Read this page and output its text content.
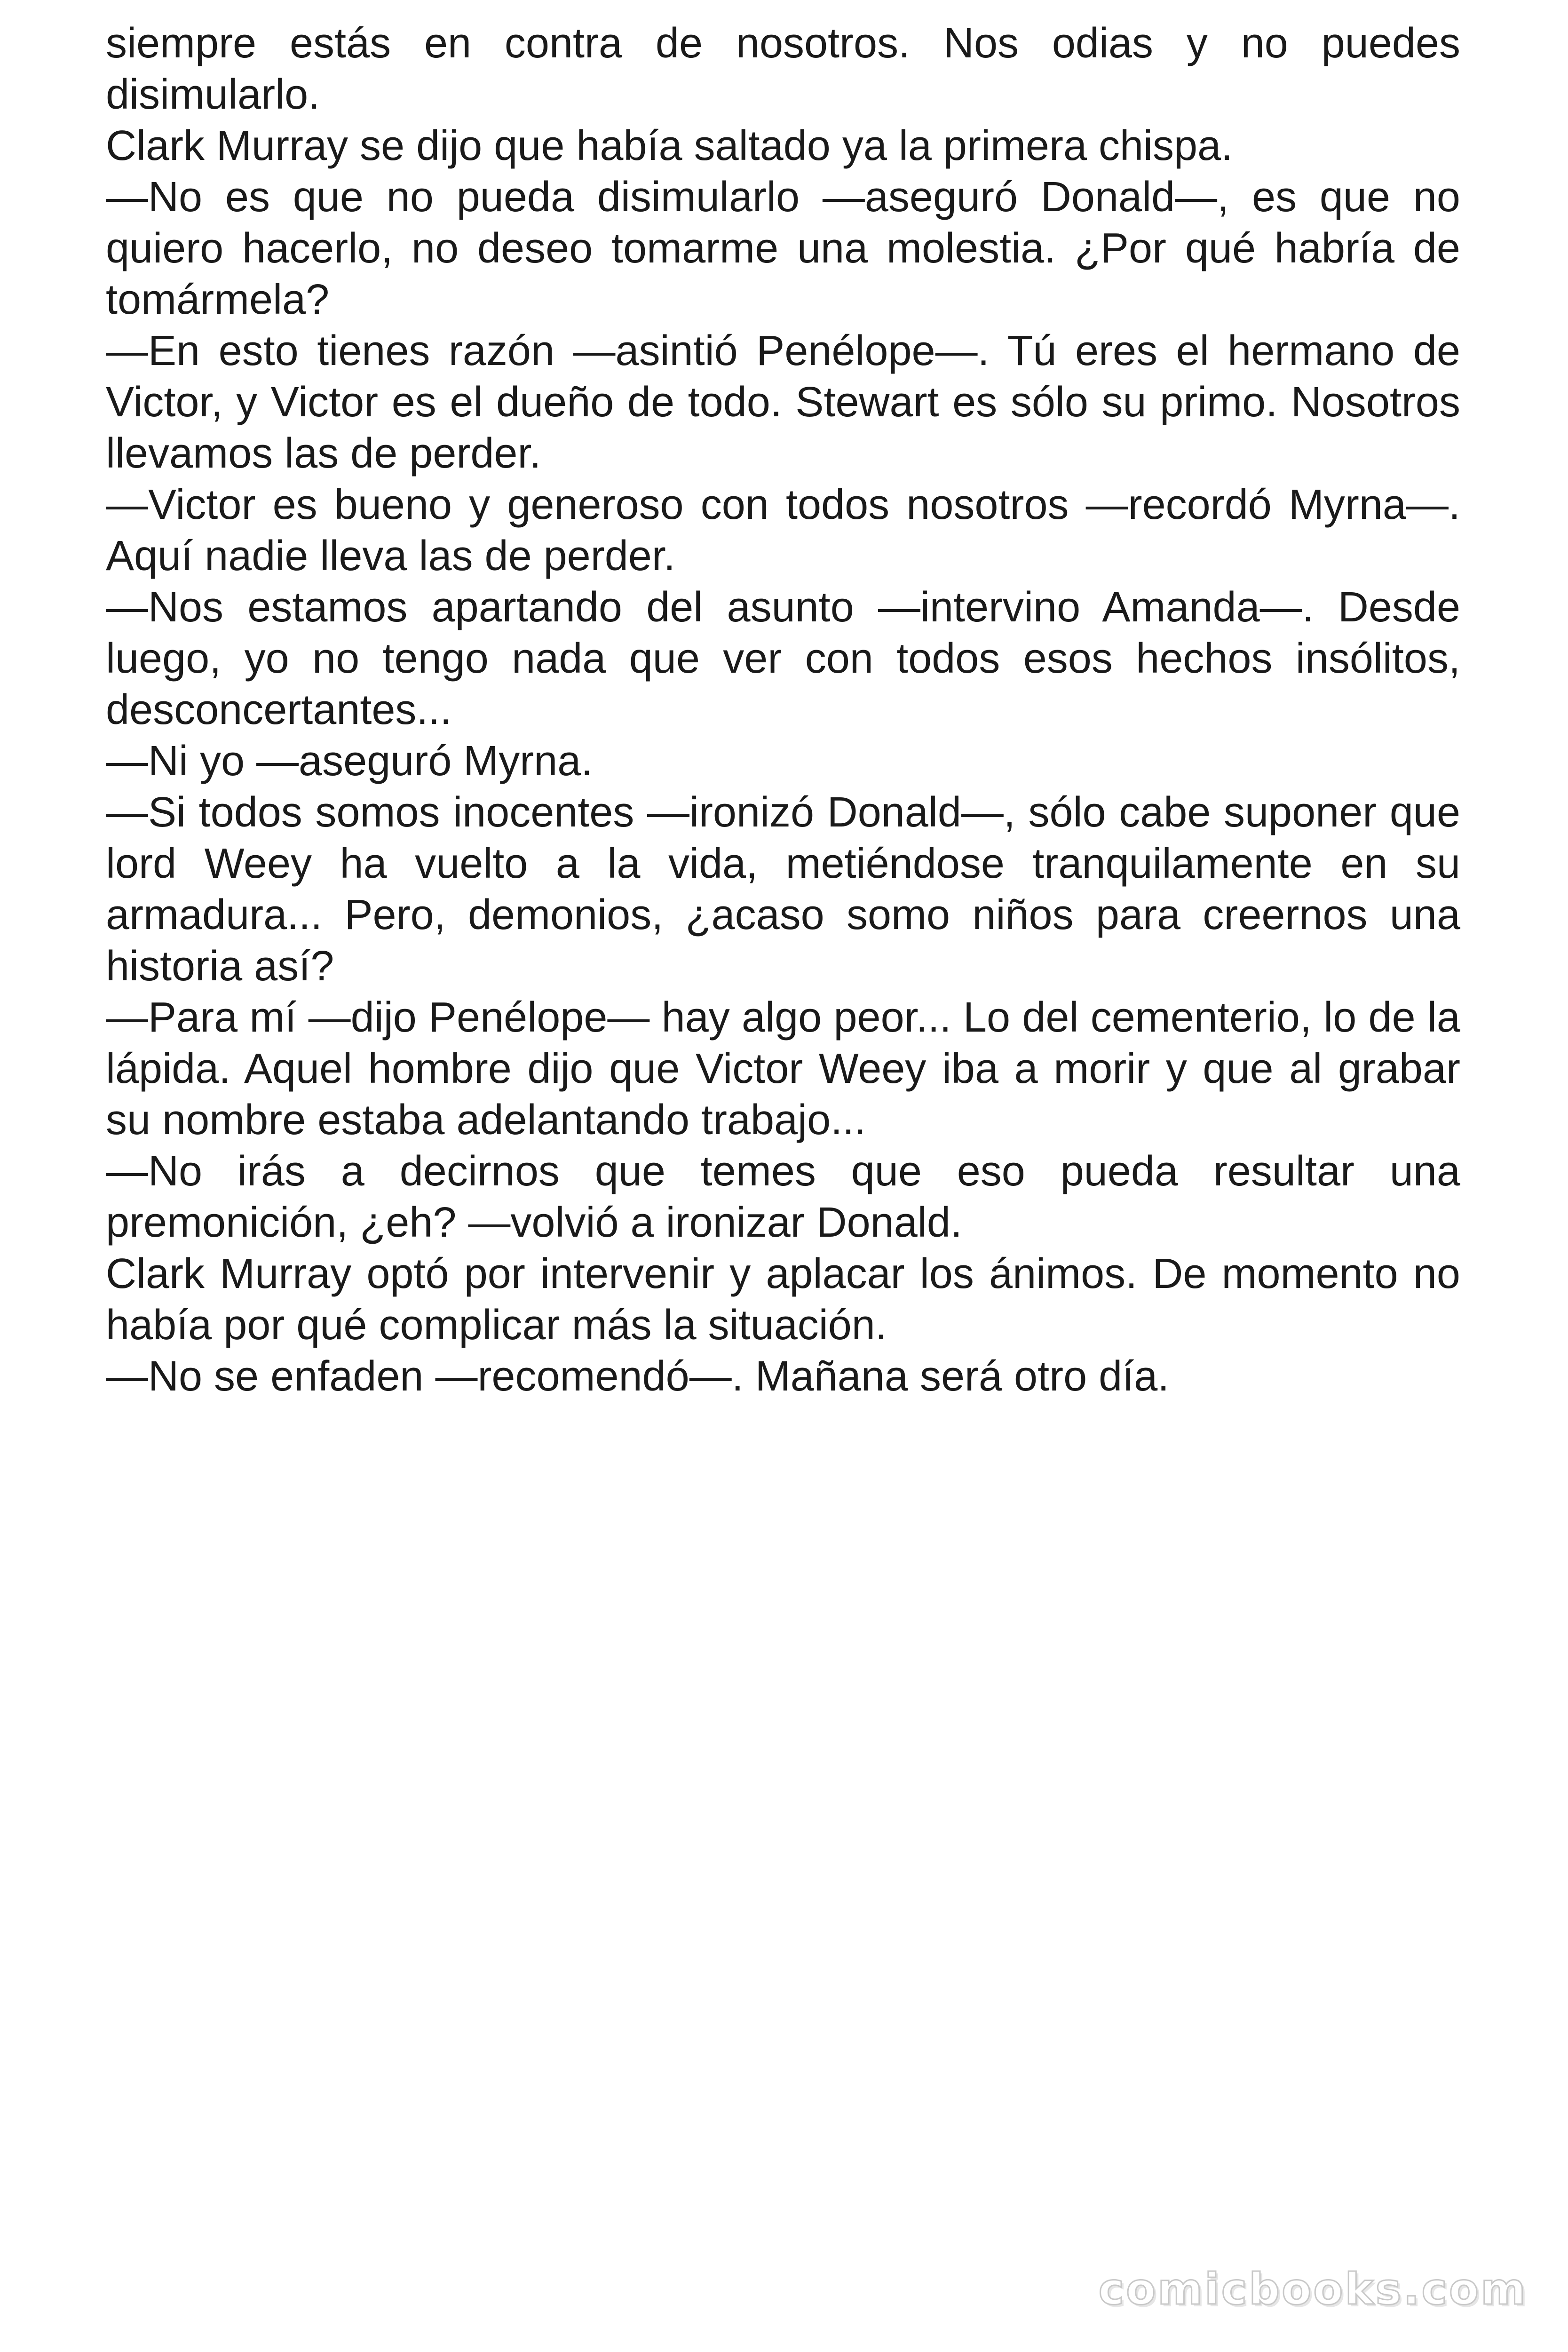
siempre estás en contra de nosotros. Nos odias y no puedes disimularlo.

Clark Murray se dijo que había saltado ya la primera chispa.

—No es que no pueda disimularlo —aseguró Donald—, es que no quiero hacerlo, no deseo tomarme una molestia. ¿Por qué habría de tomármela?

—En esto tienes razón —asintió Penélope—. Tú eres el hermano de Victor, y Victor es el dueño de todo. Stewart es sólo su primo. Nosotros llevamos las de perder.

—Victor es bueno y generoso con todos nosotros —recordó Myrna—. Aquí nadie lleva las de perder.

—Nos estamos apartando del asunto —intervino Amanda—. Desde luego, yo no tengo nada que ver con todos esos hechos insólitos, desconcertantes...

—Ni yo —aseguró Myrna.

—Si todos somos inocentes —ironizó Donald—, sólo cabe suponer que lord Weey ha vuelto a la vida, metiéndose tranquilamente en su armadura... Pero, demonios, ¿acaso somo niños para creernos una historia así?

—Para mí —dijo Penélope— hay algo peor... Lo del cementerio, lo de la lápida. Aquel hombre dijo que Victor Weey iba a morir y que al grabar su nombre estaba adelantando trabajo...

—No irás a decirnos que temes que eso pueda resultar una premonición, ¿eh? —volvió a ironizar Donald.

Clark Murray optó por intervenir y aplacar los ánimos. De momento no había por qué complicar más la situación.

—No se enfaden —recomendó—. Mañana será otro día.

comicbooks.com
